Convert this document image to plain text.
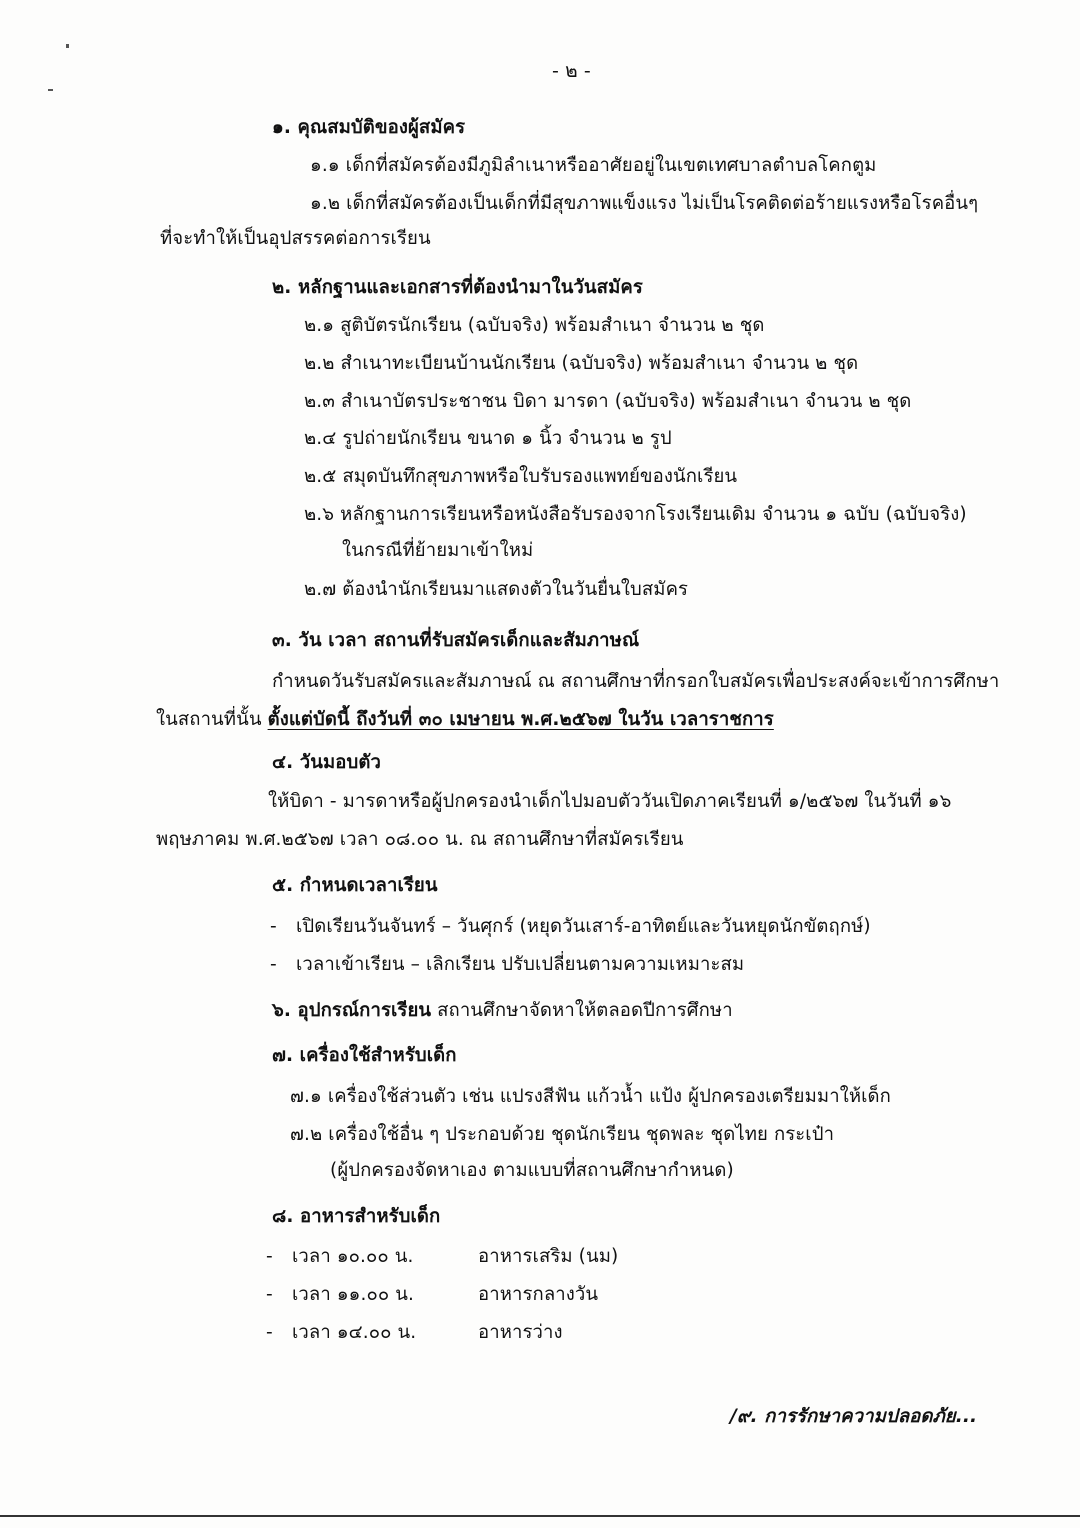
- ๒ -
๑. คุณสมบัติของผู้สมัคร
๑.๑ เด็กที่สมัครต้องมีภูมิลำเนาหรืออาศัยอยู่ในเขตเทศบาลตำบลโคกตูม
๑.๒ เด็กที่สมัครต้องเป็นเด็กที่มีสุขภาพแข็งแรง ไม่เป็นโรคติดต่อร้ายแรงหรือโรคอื่นๆ
ที่จะทำให้เป็นอุปสรรคต่อการเรียน
๒. หลักฐานและเอกสารที่ต้องนำมาในวันสมัคร
๒.๑ สูติบัตรนักเรียน (ฉบับจริง) พร้อมสำเนา จำนวน ๒ ชุด
๒.๒ สำเนาทะเบียนบ้านนักเรียน (ฉบับจริง) พร้อมสำเนา จำนวน ๒ ชุด
๒.๓ สำเนาบัตรประชาชน บิดา มารดา (ฉบับจริง) พร้อมสำเนา จำนวน ๒ ชุด
๒.๔ รูปถ่ายนักเรียน ขนาด ๑ นิ้ว จำนวน ๒ รูป
๒.๕ สมุดบันทึกสุขภาพหรือใบรับรองแพทย์ของนักเรียน
๒.๖ หลักฐานการเรียนหรือหนังสือรับรองจากโรงเรียนเดิม จำนวน ๑ ฉบับ (ฉบับจริง)
ในกรณีที่ย้ายมาเข้าใหม่
๒.๗ ต้องนำนักเรียนมาแสดงตัวในวันยื่นใบสมัคร
๓. วัน เวลา สถานที่รับสมัครเด็กและสัมภาษณ์
กำหนดวันรับสมัครและสัมภาษณ์ ณ สถานศึกษาที่กรอกใบสมัครเพื่อประสงค์จะเข้าการศึกษา
ในสถานที่นั้น ตั้งแต่บัดนี้ ถึงวันที่ ๓๐ เมษายน พ.ศ.๒๕๖๗ ในวัน เวลาราชการ
๔. วันมอบตัว
ให้บิดา - มารดาหรือผู้ปกครองนำเด็กไปมอบตัววันเปิดภาคเรียนที่ ๑/๒๕๖๗ ในวันที่ ๑๖
พฤษภาคม พ.ศ.๒๕๖๗ เวลา ๐๘.๐๐ น. ณ สถานศึกษาที่สมัครเรียน
๕. กำหนดเวลาเรียน
- เปิดเรียนวันจันทร์ – วันศุกร์ (หยุดวันเสาร์-อาทิตย์และวันหยุดนักขัตฤกษ์)
- เวลาเข้าเรียน – เลิกเรียน ปรับเปลี่ยนตามความเหมาะสม
๖. อุปกรณ์การเรียน สถานศึกษาจัดหาให้ตลอดปีการศึกษา
๗. เครื่องใช้สำหรับเด็ก
๗.๑ เครื่องใช้ส่วนตัว เช่น แปรงสีฟัน แก้วน้ำ แป้ง ผู้ปกครองเตรียมมาให้เด็ก
๗.๒ เครื่องใช้อื่น ๆ ประกอบด้วย ชุดนักเรียน ชุดพละ ชุดไทย กระเป๋า
(ผู้ปกครองจัดหาเอง ตามแบบที่สถานศึกษากำหนด)
๘. อาหารสำหรับเด็ก
- เวลา ๑๐.๐๐ น.	อาหารเสริม (นม)
- เวลา ๑๑.๐๐ น.	อาหารกลางวัน
- เวลา ๑๔.๐๐ น.	อาหารว่าง
/๙. การรักษาความปลอดภัย...
